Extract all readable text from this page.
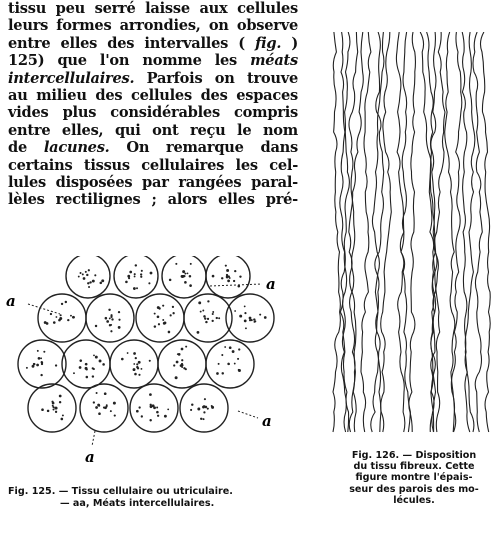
tissu peu serré laisse aux cellules
leurs formes arrondies, on observe
entre elles des intervalles ( fig. )
125) que l'on nomme les méats
intercellulaires. Parfois on trouve
au milieu des cellules des espaces
vides plus considérables compris
entre elles, qui ont reçu le nom
de lacunes. On remarque dans
certains tissus cellulaires les cel-
lules disposées par rangées paral-
lèles rectilignes ; alors elles pré-
a
a
a
a
Fig. 125. — Tissu cellulaire ou utriculaire.
— aa, Méats intercellulaires.
Fig. 126. — Disposition
du tissu fibreux. Cette
figure montre l'épais-
seur des parois des mo-
lécules.
